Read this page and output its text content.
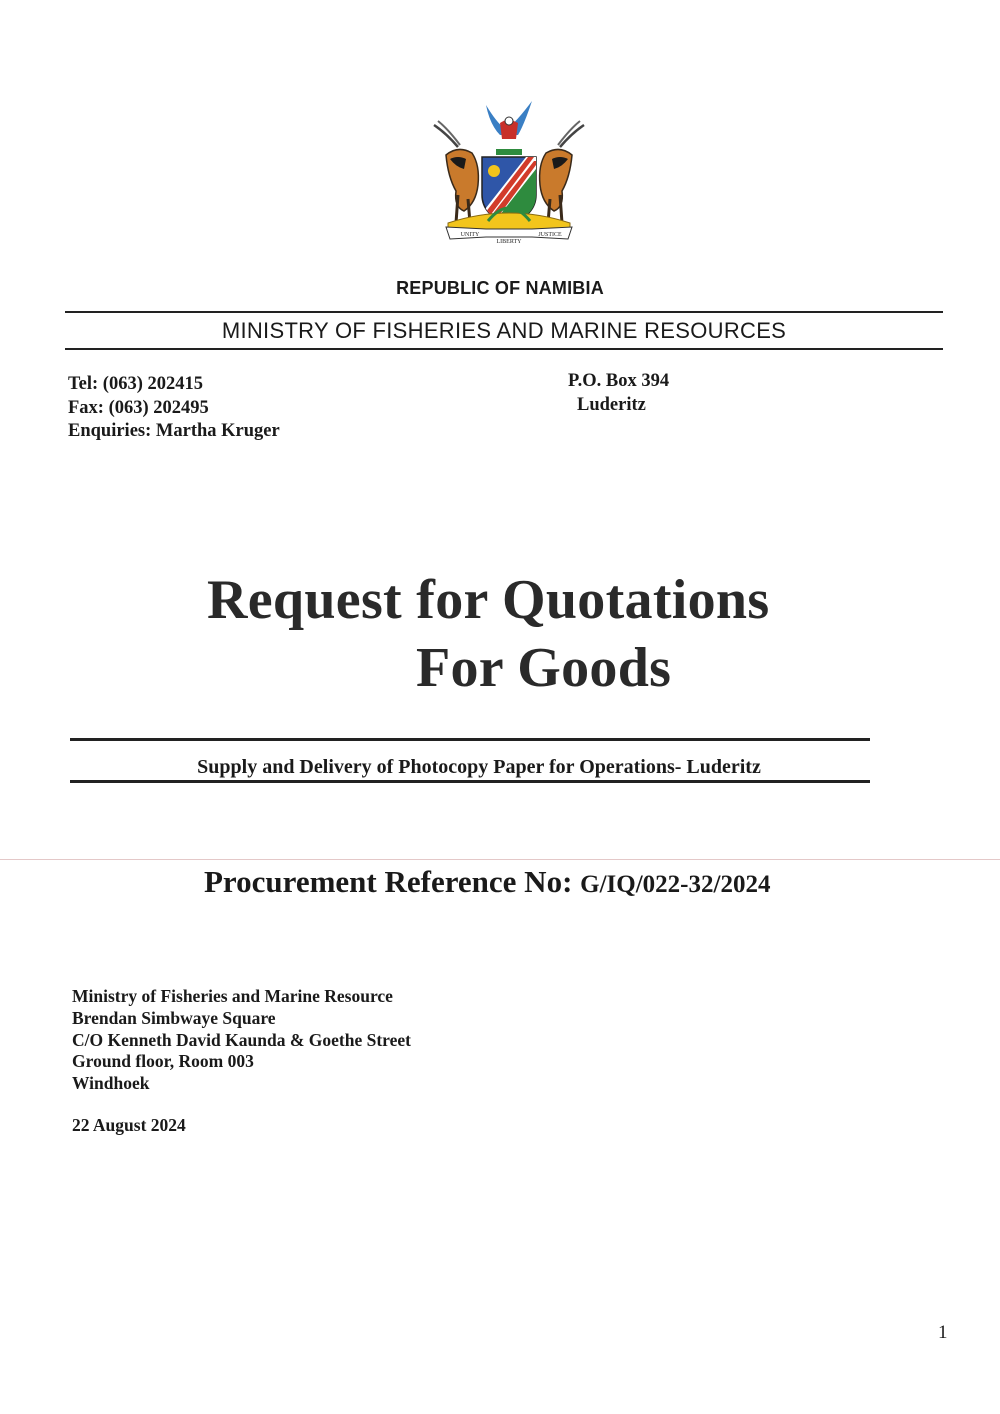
UNITY
LIBERTY
JUSTICE
REPUBLIC OF NAMIBIA
MINISTRY OF FISHERIES AND MARINE RESOURCES
Tel: (063) 202415
Fax: (063) 202495
Enquiries: Martha Kruger
P.O. Box 394
Luderitz
Request for Quotations
For Goods
Supply and Delivery of Photocopy Paper for Operations- Luderitz
Procurement Reference No: G/IQ/022-32/2024
Ministry of Fisheries and Marine Resource
Brendan Simbwaye Square
C/O Kenneth David Kaunda & Goethe Street
Ground floor, Room 003
Windhoek
22 August 2024
1
